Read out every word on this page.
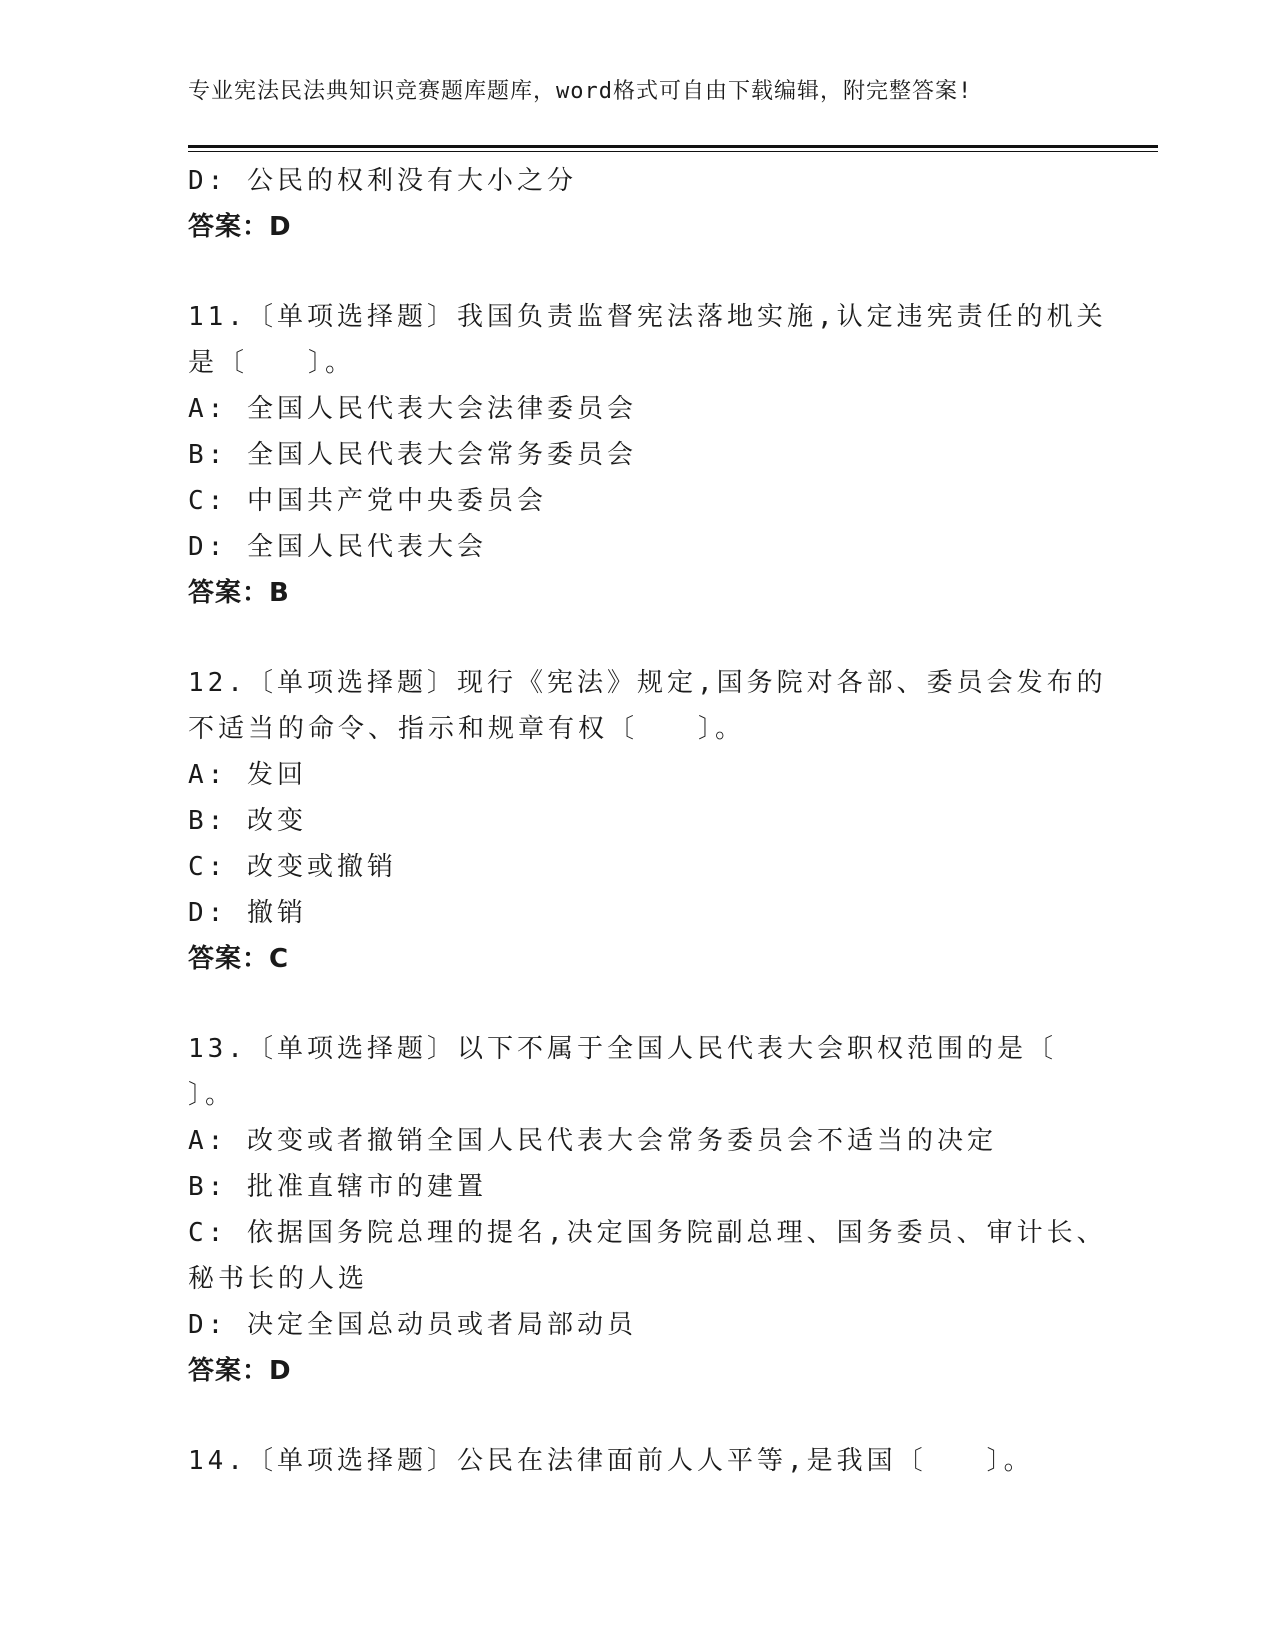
专业宪法民法典知识竞赛题库题库，word格式可自由下载编辑，附完整答案!
D: 公民的权利没有大小之分
答案：D
11.〔单项选择题〕我国负责监督宪法落地实施,认定违宪责任的机关
是〔　　〕。
A: 全国人民代表大会法律委员会
B: 全国人民代表大会常务委员会
C: 中国共产党中央委员会
D: 全国人民代表大会
答案：B
12.〔单项选择题〕现行《宪法》规定,国务院对各部、委员会发布的
不适当的命令、指示和规章有权〔　　〕。
A: 发回
B: 改变
C: 改变或撤销
D: 撤销
答案：C
13.〔单项选择题〕以下不属于全国人民代表大会职权范围的是〔
〕。
A: 改变或者撤销全国人民代表大会常务委员会不适当的决定
B: 批准直辖市的建置
C: 依据国务院总理的提名,决定国务院副总理、国务委员、审计长、
秘书长的人选
D: 决定全国总动员或者局部动员
答案：D
14.〔单项选择题〕公民在法律面前人人平等,是我国〔　　〕。
